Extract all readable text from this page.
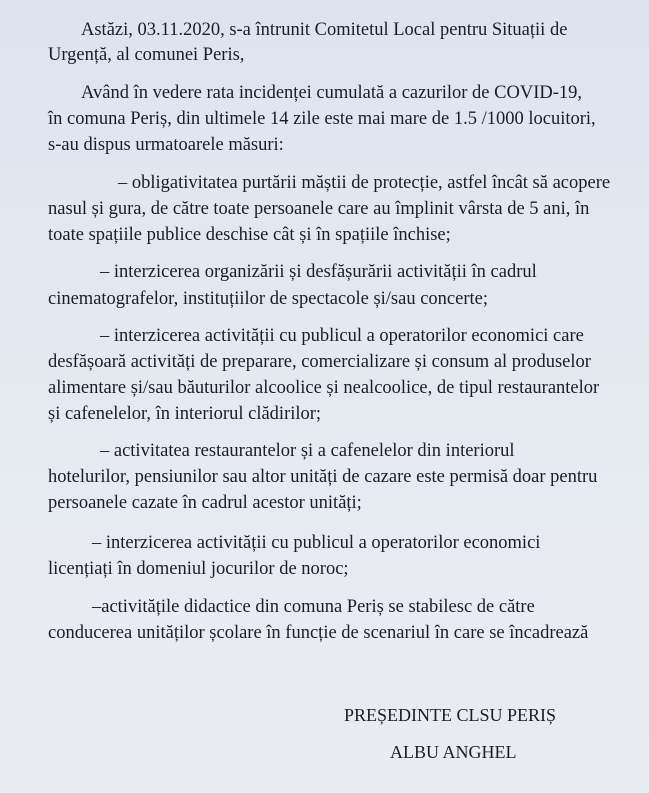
Astăzi, 03.11.2020, s-a întrunit Comitetul Local pentru Situații de
Urgență, al comunei Peris,
Având în vedere rata incidenței cumulată a cazurilor de COVID-19,
în comuna Periș, din ultimele 14 zile este mai mare de 1.5 /1000 locuitori,
s-au dispus urmatoarele măsuri:
– obligativitatea purtării măștii de protecție, astfel încât să acopere
nasul și gura, de către toate persoanele care au împlinit vârsta de 5 ani, în
toate spațiile publice deschise cât și în spațiile închise;
– interzicerea organizării și desfășurării activității în cadrul
cinematografelor, instituțiilor de spectacole și/sau concerte;
– interzicerea activității cu publicul a operatorilor economici care
desfășoară activități de preparare, comercializare și consum al produselor
alimentare și/sau băuturilor alcoolice și nealcoolice, de tipul restaurantelor
și cafenelelor, în interiorul clădirilor;
– activitatea restaurantelor și a cafenelelor din interiorul
hotelurilor, pensiunilor sau altor unități de cazare este permisă doar pentru
persoanele cazate în cadrul acestor unități;
– interzicerea activității cu publicul a operatorilor economici
licențiați în domeniul jocurilor de noroc;
–activitățile didactice din comuna Periș se stabilesc de către
conducerea unităților școlare în funcție de scenariul în care se încadrează
PREȘEDINTE CLSU PERIȘ
ALBU ANGHEL
